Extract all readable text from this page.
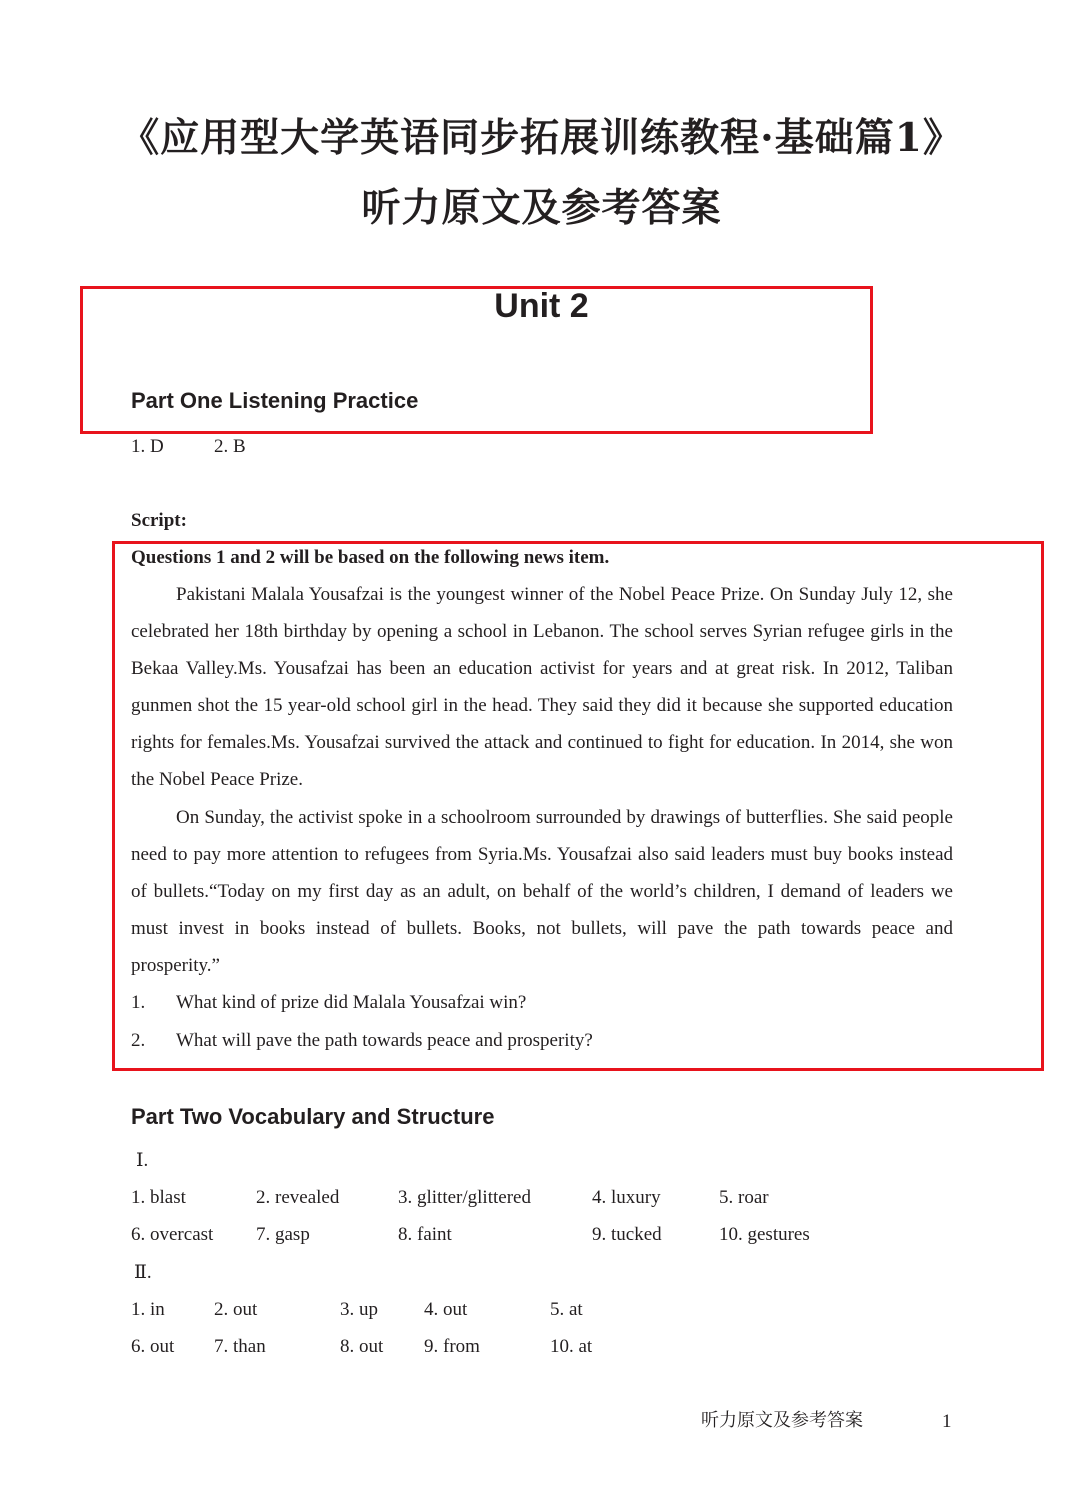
《应用型大学英语同步拓展训练教程·基础篇1》
听力原文及参考答案
Unit 2
Part One Listening Practice
1. D	2. B
Script:
Questions 1 and 2 will be based on the following news item.
Pakistani Malala Yousafzai is the youngest winner of the Nobel Peace Prize. On Sunday July 12, she celebrated her 18th birthday by opening a school in Lebanon. The school serves Syrian refugee girls in the Bekaa Valley.Ms. Yousafzai has been an education activist for years and at great risk. In 2012, Taliban gunmen shot the 15 year-old school girl in the head. They said they did it because she supported education rights for females.Ms. Yousafzai survived the attack and continued to fight for education. In 2014, she won the Nobel Peace Prize.
On Sunday, the activist spoke in a schoolroom surrounded by drawings of butterflies. She said people need to pay more attention to refugees from Syria.Ms. Yousafzai also said leaders must buy books instead of bullets.“Today on my first day as an adult, on behalf of the world’s children, I demand of leaders we must invest in books instead of bullets. Books, not bullets, will pave the path towards peace and prosperity.”
1. What kind of prize did Malala Yousafzai win?
2. What will pave the path towards peace and prosperity?
Part Two Vocabulary and Structure
Ⅰ.
1. blast	2. revealed	3. glitter/glittered	4. luxury	5. roar
6. overcast 7. gasp	8. faint	9. tucked	10. gestures
Ⅱ.
1. in	2. out	3. up 4. out	5. at
6. out 7. than	8. out 9. from	10. at
听力原文及参考答案	1
